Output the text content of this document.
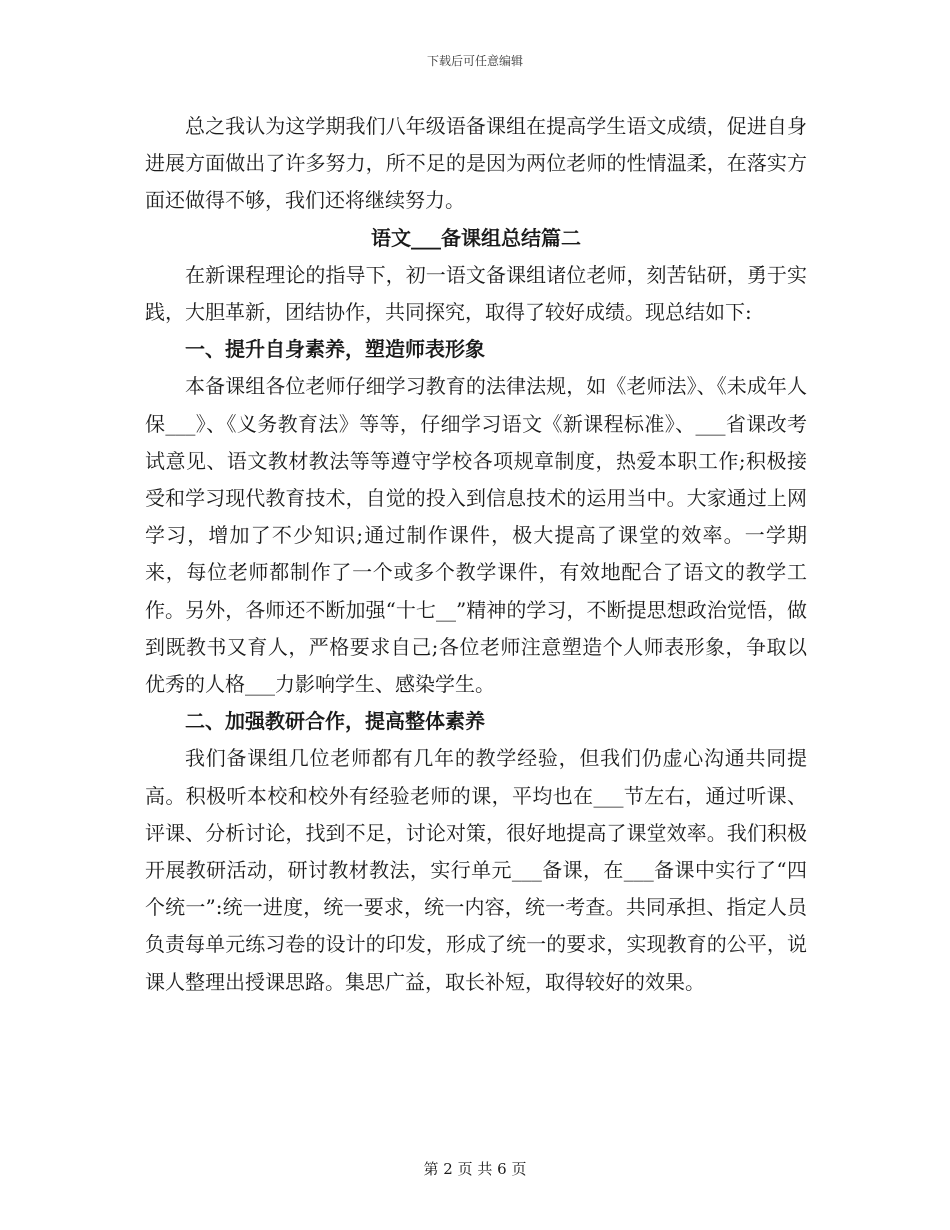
下载后可任意编辑

总之我认为这学期我们八年级语备课组在提高学生语文成绩，促进自身进展方面做出了许多努力，所不足的是因为两位老师的性情温柔，在落实方面还做得不够，我们还将继续努力。

语文___备课组总结篇二

在新课程理论的指导下，初一语文备课组诸位老师，刻苦钻研，勇于实践，大胆革新，团结协作，共同探究，取得了较好成绩。现总结如下:

一、提升自身素养，塑造师表形象

本备课组各位老师仔细学习教育的法律法规，如《老师法》、《未成年人保___》、《义务教育法》等等，仔细学习语文《新课程标准》、___省课改考试意见、语文教材教法等等遵守学校各项规章制度，热爱本职工作;积极接受和学习现代教育技术，自觉的投入到信息技术的运用当中。大家通过上网学习，增加了不少知识;通过制作课件，极大提高了课堂的效率。一学期来，每位老师都制作了一个或多个教学课件，有效地配合了语文的教学工作。另外，各师还不断加强“十七__”精神的学习，不断提思想政治觉悟，做到既教书又育人，严格要求自己;各位老师注意塑造个人师表形象，争取以优秀的人格___力影响学生、感染学生。

二、加强教研合作，提高整体素养

我们备课组几位老师都有几年的教学经验，但我们仍虚心沟通共同提高。积极听本校和校外有经验老师的课，平均也在___节左右，通过听课、评课、分析讨论，找到不足，讨论对策，很好地提高了课堂效率。我们积极开展教研活动，研讨教材教法，实行单元___备课，在___备课中实行了“四个统一”:统一进度，统一要求，统一内容，统一考查。共同承担、指定人员负责每单元练习卷的设计的印发，形成了统一的要求，实现教育的公平，说课人整理出授课思路。集思广益，取长补短，取得较好的效果。

第 2 页 共 6 页
